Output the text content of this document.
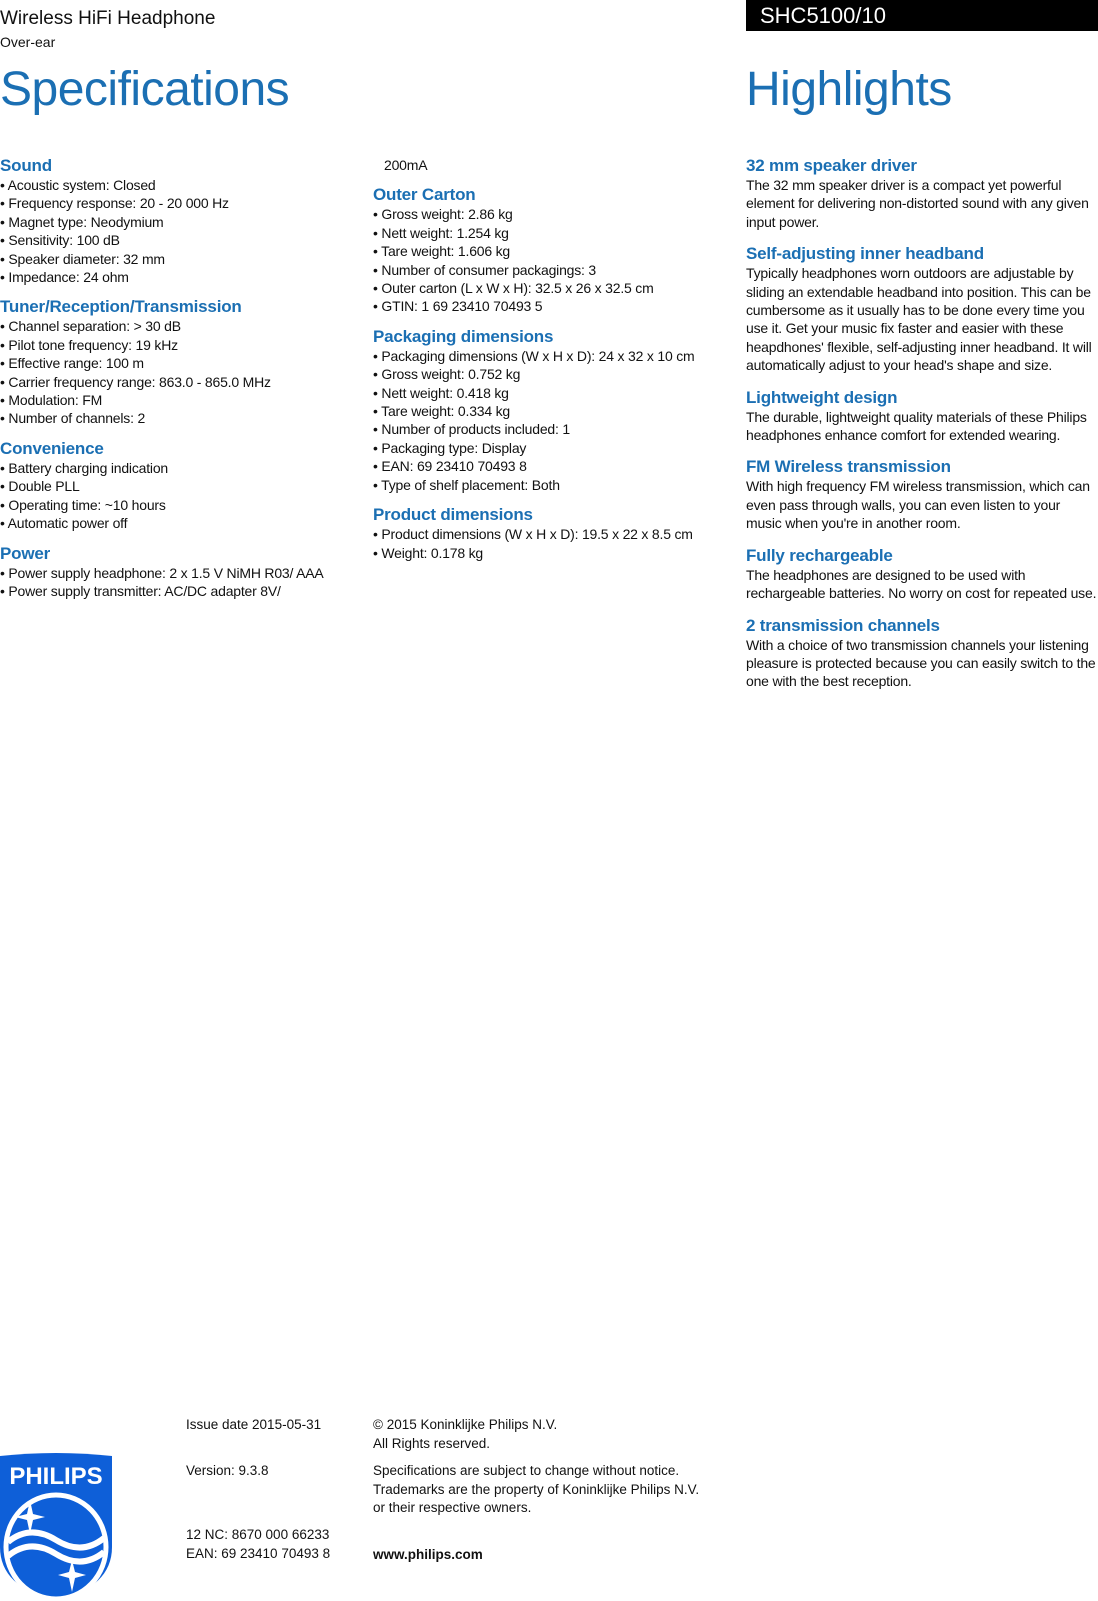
Wireless HiFi Headphone
Over-ear
SHC5100/10
Specifications	Highlights
Sound
• Acoustic system: Closed
• Frequency response: 20 - 20 000 Hz
• Magnet type: Neodymium
• Sensitivity: 100 dB
• Speaker diameter: 32 mm
• Impedance: 24 ohm
Tuner/Reception/Transmission
• Channel separation: > 30 dB
• Pilot tone frequency: 19 kHz
• Effective range: 100 m
• Carrier frequency range: 863.0 - 865.0 MHz
• Modulation: FM
• Number of channels: 2
Convenience
• Battery charging indication
• Double PLL
• Operating time: ~10 hours
• Automatic power off
Power
• Power supply headphone: 2 x 1.5 V NiMH R03/ AAA
• Power supply transmitter: AC/DC adapter 8V/
200mA
Outer Carton
• Gross weight: 2.86 kg
• Nett weight: 1.254 kg
• Tare weight: 1.606 kg
• Number of consumer packagings: 3
• Outer carton (L x W x H): 32.5 x 26 x 32.5 cm
• GTIN: 1 69 23410 70493 5
Packaging dimensions
• Packaging dimensions (W x H x D): 24 x 32 x 10 cm
• Gross weight: 0.752 kg
• Nett weight: 0.418 kg
• Tare weight: 0.334 kg
• Number of products included: 1
• Packaging type: Display
• EAN: 69 23410 70493 8
• Type of shelf placement: Both
Product dimensions
• Product dimensions (W x H x D): 19.5 x 22 x 8.5 cm
• Weight: 0.178 kg
32 mm speaker driver
The 32 mm speaker driver is a compact yet powerful element for delivering non-distorted sound with any given input power.
Self-adjusting inner headband
Typically headphones worn outdoors are adjustable by sliding an extendable headband into position. This can be cumbersome as it usually has to be done every time you use it. Get your music fix faster and easier with these heapdhones' flexible, self-adjusting inner headband. It will automatically adjust to your head's shape and size.
Lightweight design
The durable, lightweight quality materials of these Philips headphones enhance comfort for extended wearing.
FM Wireless transmission
With high frequency FM wireless transmission, which can even pass through walls, you can even listen to your music when you're in another room.
Fully rechargeable
The headphones are designed to be used with rechargeable batteries. No worry on cost for repeated use.
2 transmission channels
With a choice of two transmission channels your listening pleasure is protected because you can easily switch to the one with the best reception.
PHILIPS
Issue date 2015-05-31
Version: 9.3.8
12 NC: 8670 000 66233
EAN: 69 23410 70493 8
© 2015 Koninklijke Philips N.V.
All Rights reserved.
Specifications are subject to change without notice.
Trademarks are the property of Koninklijke Philips N.V.
or their respective owners.
www.philips.com
